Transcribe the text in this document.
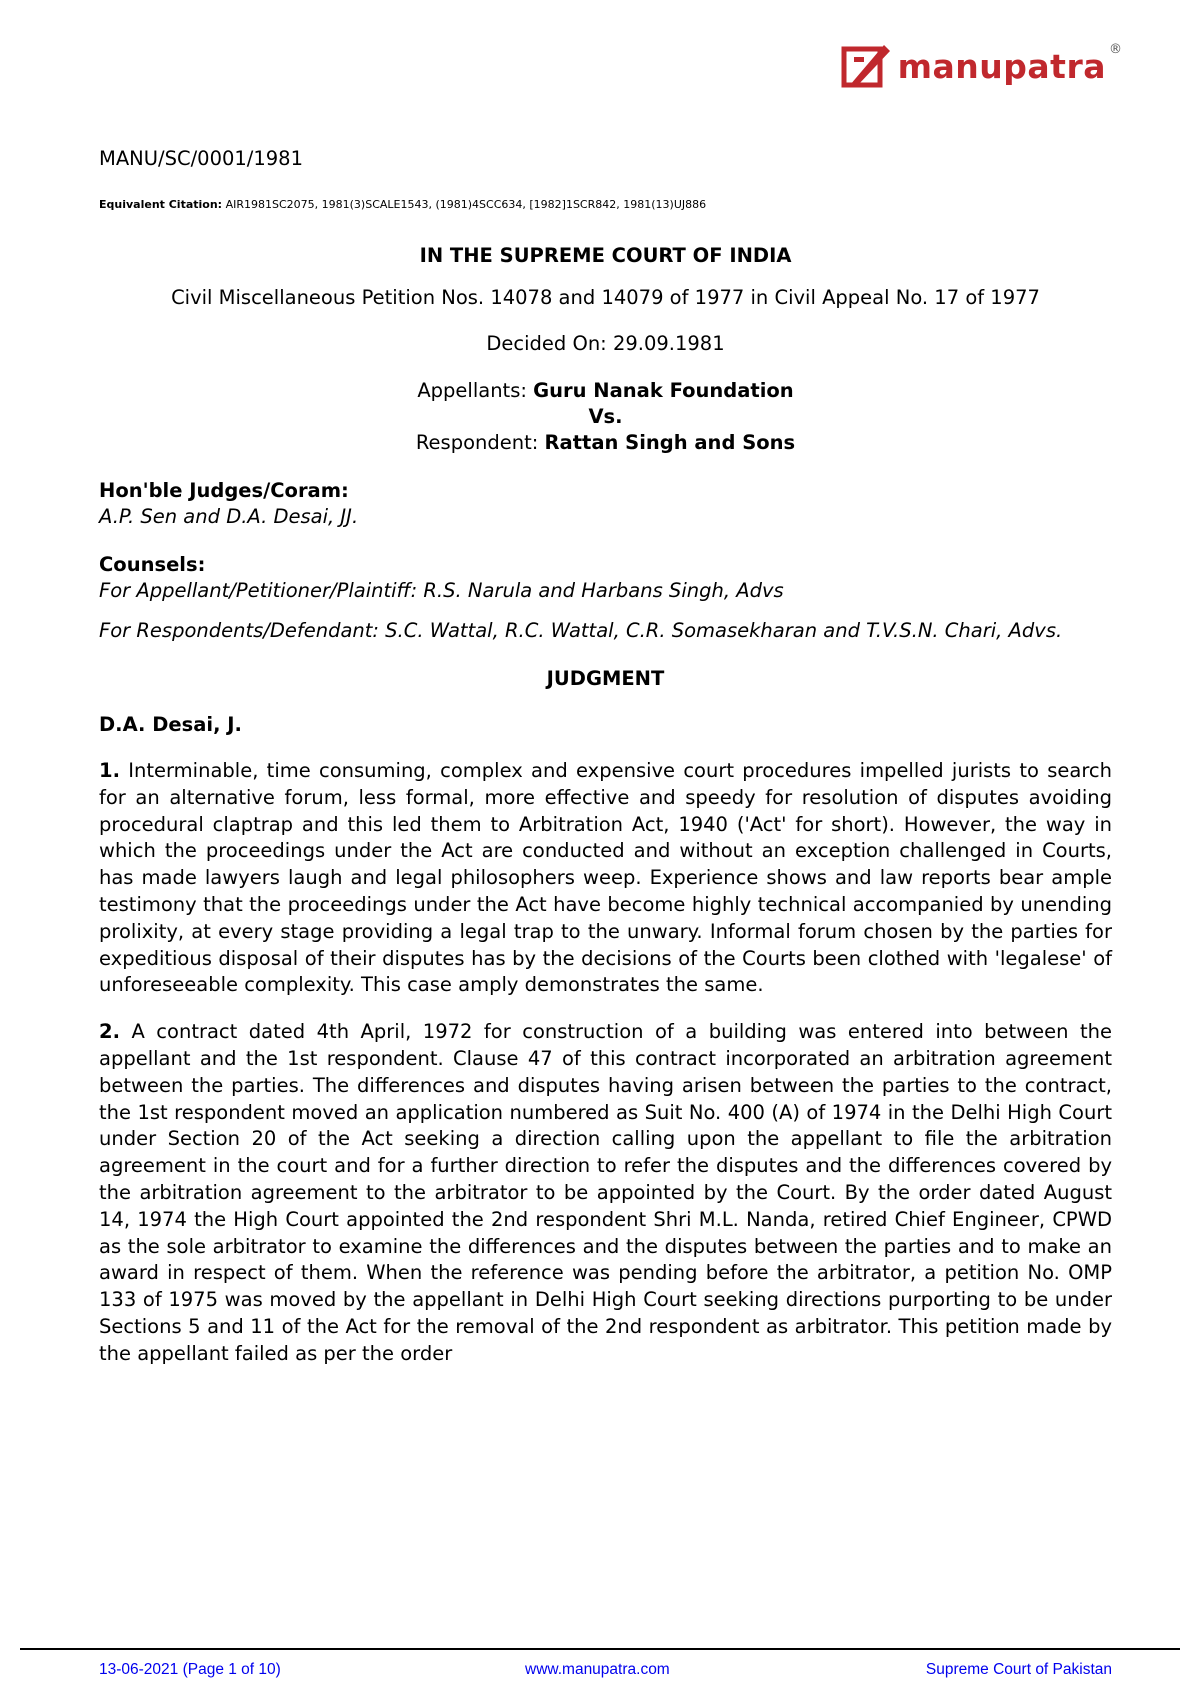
manupatra ®
MANU/SC/0001/1981
Equivalent Citation: AIR1981SC2075, 1981(3)SCALE1543, (1981)4SCC634, [1982]1SCR842, 1981(13)UJ886
IN THE SUPREME COURT OF INDIA
Civil Miscellaneous Petition Nos. 14078 and 14079 of 1977 in Civil Appeal No. 17 of 1977
Decided On: 29.09.1981
Appellants: Guru Nanak Foundation
Vs.
Respondent: Rattan Singh and Sons
Hon'ble Judges/Coram:
A.P. Sen and D.A. Desai, JJ.
Counsels:
For Appellant/Petitioner/Plaintiff: R.S. Narula and Harbans Singh, Advs
For Respondents/Defendant: S.C. Wattal, R.C. Wattal, C.R. Somasekharan and T.V.S.N. Chari, Advs.
JUDGMENT
D.A. Desai, J.
1. Interminable, time consuming, complex and expensive court procedures impelled jurists to search for an alternative forum, less formal, more effective and speedy for resolution of disputes avoiding procedural claptrap and this led them to Arbitration Act, 1940 ('Act' for short). However, the way in which the proceedings under the Act are conducted and without an exception challenged in Courts, has made lawyers laugh and legal philosophers weep. Experience shows and law reports bear ample testimony that the proceedings under the Act have become highly technical accompanied by unending prolixity, at every stage providing a legal trap to the unwary. Informal forum chosen by the parties for expeditious disposal of their disputes has by the decisions of the Courts been clothed with 'legalese' of unforeseeable complexity. This case amply demonstrates the same.
2. A contract dated 4th April, 1972 for construction of a building was entered into between the appellant and the 1st respondent. Clause 47 of this contract incorporated an arbitration agreement between the parties. The differences and disputes having arisen between the parties to the contract, the 1st respondent moved an application numbered as Suit No. 400 (A) of 1974 in the Delhi High Court under Section 20 of the Act seeking a direction calling upon the appellant to file the arbitration agreement in the court and for a further direction to refer the disputes and the differences covered by the arbitration agreement to the arbitrator to be appointed by the Court. By the order dated August 14, 1974 the High Court appointed the 2nd respondent Shri M.L. Nanda, retired Chief Engineer, CPWD as the sole arbitrator to examine the differences and the disputes between the parties and to make an award in respect of them. When the reference was pending before the arbitrator, a petition No. OMP 133 of 1975 was moved by the appellant in Delhi High Court seeking directions purporting to be under Sections 5 and 11 of the Act for the removal of the 2nd respondent as arbitrator. This petition made by the appellant failed as per the order
13-06-2021 (Page 1 of 10)	www.manupatra.com	Supreme Court of Pakistan
